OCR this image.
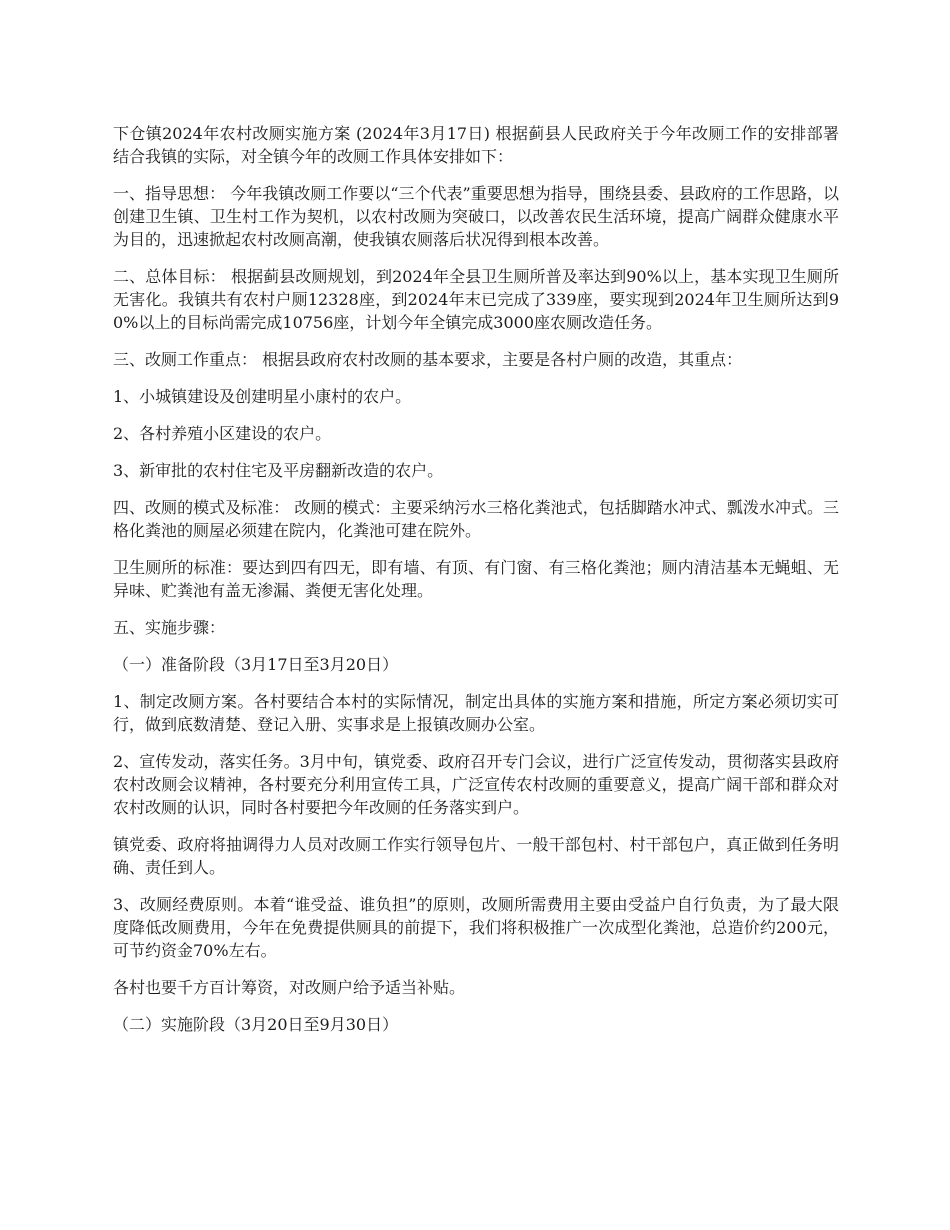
下仓镇2024年农村改厕实施方案 (2024年3月17日) 根据蓟县人民政府关于今年改厕工作的安排部署结合我镇的实际，对全镇今年的改厕工作具体安排如下：

一、指导思想： 今年我镇改厕工作要以“三个代表”重要思想为指导，围绕县委、县政府的工作思路，以创建卫生镇、卫生村工作为契机，以农村改厕为突破口，以改善农民生活环境，提高广阔群众健康水平为目的，迅速掀起农村改厕高潮，使我镇农厕落后状况得到根本改善。

二、总体目标： 根据蓟县改厕规划，到2024年全县卫生厕所普及率达到90%以上，基本实现卫生厕所无害化。我镇共有农村户厕12328座，到2024年末已完成了339座，要实现到2024年卫生厕所达到90%以上的目标尚需完成10756座，计划今年全镇完成3000座农厕改造任务。

三、改厕工作重点： 根据县政府农村改厕的基本要求，主要是各村户厕的改造，其重点：

1、小城镇建设及创建明星小康村的农户。

2、各村养殖小区建设的农户。

3、新审批的农村住宅及平房翻新改造的农户。

四、改厕的模式及标准： 改厕的模式：主要采纳污水三格化粪池式，包括脚踏水冲式、瓢泼水冲式。三格化粪池的厕屋必须建在院内，化粪池可建在院外。

卫生厕所的标准：要达到四有四无，即有墙、有顶、有门窗、有三格化粪池；厕内清洁基本无蝇蛆、无异味、贮粪池有盖无渗漏、粪便无害化处理。

五、实施步骤：

（一）准备阶段（3月17日至3月20日）

1、制定改厕方案。各村要结合本村的实际情况，制定出具体的实施方案和措施，所定方案必须切实可行，做到底数清楚、登记入册、实事求是上报镇改厕办公室。

2、宣传发动，落实任务。3月中旬，镇党委、政府召开专门会议，进行广泛宣传发动，贯彻落实县政府农村改厕会议精神，各村要充分利用宣传工具，广泛宣传农村改厕的重要意义，提高广阔干部和群众对农村改厕的认识，同时各村要把今年改厕的任务落实到户。

镇党委、政府将抽调得力人员对改厕工作实行领导包片、一般干部包村、村干部包户，真正做到任务明确、责任到人。

3、改厕经费原则。本着“谁受益、谁负担”的原则，改厕所需费用主要由受益户自行负责，为了最大限度降低改厕费用，今年在免费提供厕具的前提下，我们将积极推广一次成型化粪池，总造价约200元，可节约资金70%左右。

各村也要千方百计筹资，对改厕户给予适当补贴。

（二）实施阶段（3月20日至9月30日）
